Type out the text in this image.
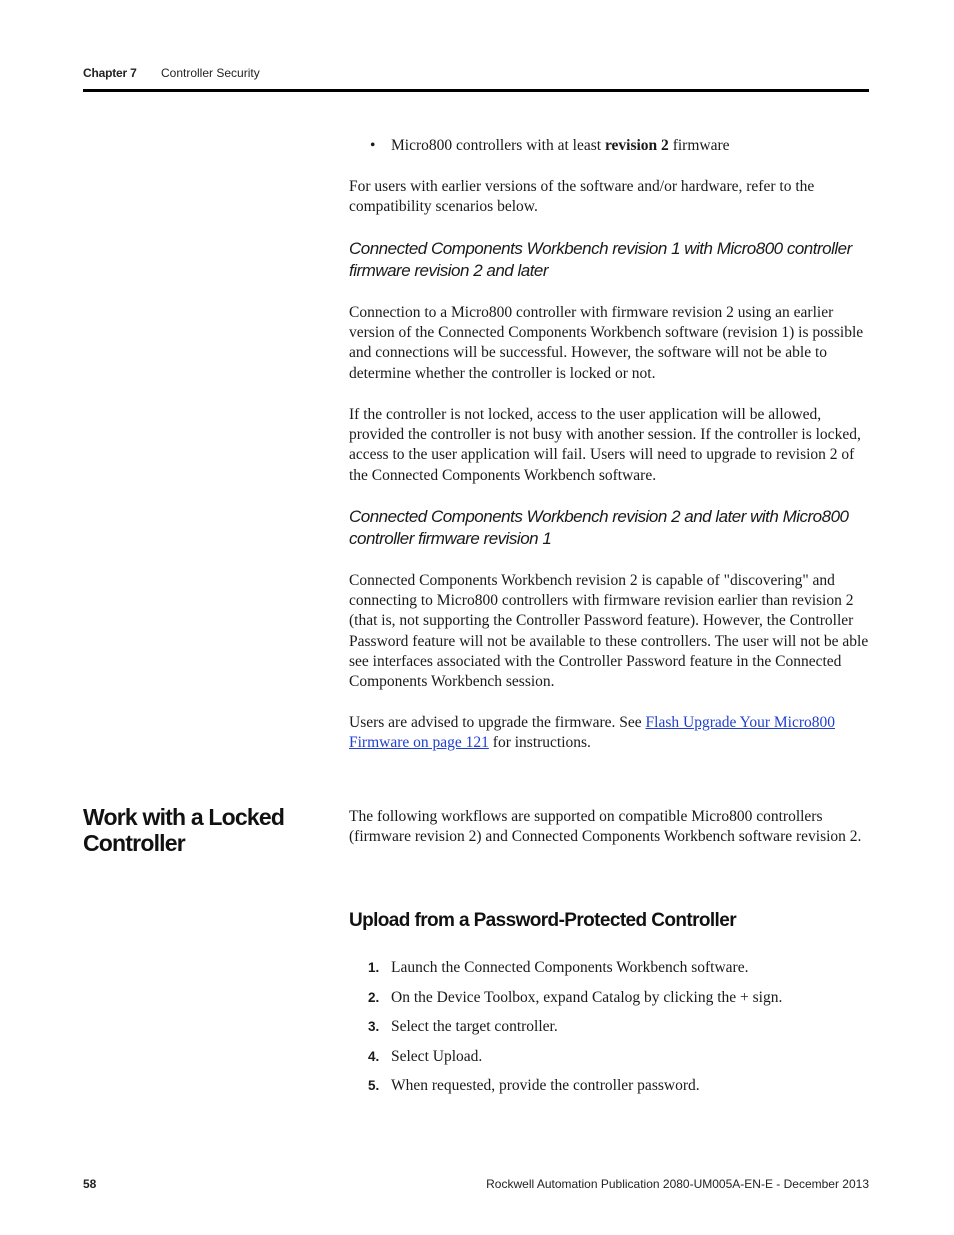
Chapter 7 Controller Security
• Micro800 controllers with at least revision 2 firmware

For users with earlier versions of the software and/or hardware, refer to the compatibility scenarios below.

Connected Components Workbench revision 1 with Micro800 controller firmware revision 2 and later

Connection to a Micro800 controller with firmware revision 2 using an earlier version of the Connected Components Workbench software (revision 1) is possible and connections will be successful. However, the software will not be able to determine whether the controller is locked or not.

If the controller is not locked, access to the user application will be allowed, provided the controller is not busy with another session. If the controller is locked, access to the user application will fail. Users will need to upgrade to revision 2 of the Connected Components Workbench software.

Connected Components Workbench revision 2 and later with Micro800 controller firmware revision 1

Connected Components Workbench revision 2 is capable of "discovering" and connecting to Micro800 controllers with firmware revision earlier than revision 2 (that is, not supporting the Controller Password feature). However, the Controller Password feature will not be available to these controllers. The user will not be able see interfaces associated with the Controller Password feature in the Connected Components Workbench session.

Users are advised to upgrade the firmware. See Flash Upgrade Your Micro800 Firmware on page 121 for instructions.

Work with a Locked Controller

The following workflows are supported on compatible Micro800 controllers (firmware revision 2) and Connected Components Workbench software revision 2.

Upload from a Password-Protected Controller
1. Launch the Connected Components Workbench software.
2. On the Device Toolbox, expand Catalog by clicking the + sign.
3. Select the target controller.
4. Select Upload.
5. When requested, provide the controller password.
58	Rockwell Automation Publication 2080-UM005A-EN-E - December 2013
